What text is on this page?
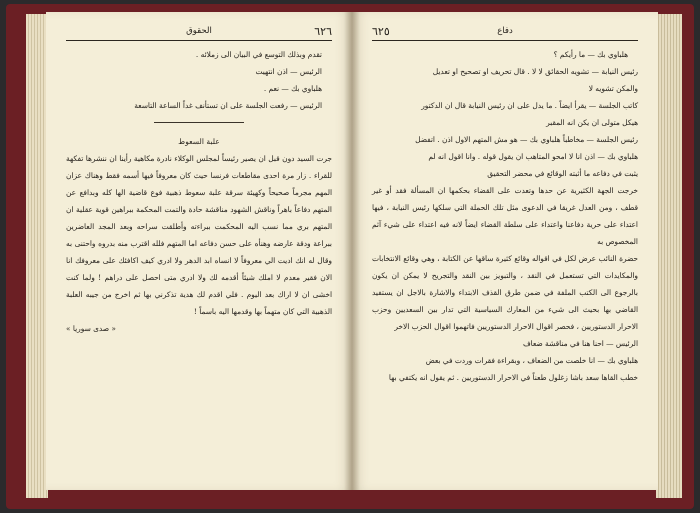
٦٢٦
الحقوق

تقدم وبذلك التوسع في البيان الى زملائه .

الرئيس — اذن انتهيت

هلباوي بك — نعم .

الرئيس — رفعت الجلسة على ان تستأنف غداً الساعة التاسعة

علبة السعوط

جرت السيد دون قبل ان يصير رئيساً لمجلس الوكلاء نادرة مكاهية رأينا ان ننشرها تفكهة للقراء . زار مرة احدى مقاطعات فرنسا حيث كان معروفاً فيها أسمه فقط وهناك عزان المهم مجرماً صحيحاً وكهيئة سرقة علبة سعوط ذهبية فوع قاضية الها كله وبدافع عن المتهم دفاعاً باهراً وناقش الشهود مناقشة حادة والتمت المحكمة ببراهين قوية عقلية ان المتهم بري مما نسب اليه المحكمت ببراءته وأطلقت سراحه وبعد المجد العاضرين ببراعة ودقة عارضه وهنأه على حسن دفاعه اما المتهم فلله اقترب منه بدروه واحتنى به وقال له انك اديت الي معروفاً لا انساه ابد الدهر ولا ادري كيف اكافئك على معروفك انا الان فقير معدم لا املك شيئاً أقدمه لك ولا ادري متى احصل على دراهم ! ولما كنت اخشى ان لا اراك بعد اليوم . فلي اقدم لك هدية تذكرني بها ثم اخرج من جيبه العلبة الذهبية التي كان متهماً بها وقدمها اليه باسماً !

« صدى سوريا »

دفاع
٦٢٥

هلباوي بك — ما رأيكم ؟

رئيس النيابة — تشويه الحقائق لا لا . قال تحريف او تصحيح او تعديل

والمكن تشويه لا

كاتب الجلسة — يقرأ ايضاً . ما يدل على ان رئيس النيابة قال ان الدكتور

هيكل متولى ان يكن انه المقبر

رئيس الجلسة — مخاطباً هلباوي بك — هو مش المتهم الاول اذن . اتفضل

هلباوي بك — اذن انا لا امحو المتاهب ان يقول قوله . وانا اقول انه لم

يثبت في دفاعه ما أثبته الوقائع في محضر التحقيق

خرجت الجهة الكثيرية عن حدها وتعدت على القضاء بحكمها ان المسألة فقد أو غير قطف ، ومن العدل غريقا في الدعوى مثل تلك الحملة التي سلكها رئيس النيابة ، فيها اعتداء على حرية دفاعنا واعتداء على سلطة القضاء ايضاً لانه فيه اعتداء على شيء آثم المخصوص به

حضرة النائب عرض لكل في اقواله وقائع كثيرة ساقها عن الكتابة ، وهي وقائع الانتخابات والمكايدات التي تستعمل في النقد ، والتبويز بين النقد والتجريح لا يمكن ان يكون بالرجوع الى الكتب الملفة في ضمن طرق القذف الابتداء والاشارة بالاجل ان يستفيد القاضي بها بحيث الى شيء من المعارك السياسية التي تدار بين السعديين وحزب الاحرار الدستوريين ، فحصر اقوال الاحرار الدستوريين فاتهموا اقوال الحزب الاخر

الرئيس — احنا هنا في مناقشة ضعاف

هلباوي بك — انا خلصت من الضعاف ، وبقراءة فقرات وردت في بعض

خطب القاها سعد باشا زغلول طعناً في الاحرار الدستوريين . ثم يقول انه يكتفي بها
